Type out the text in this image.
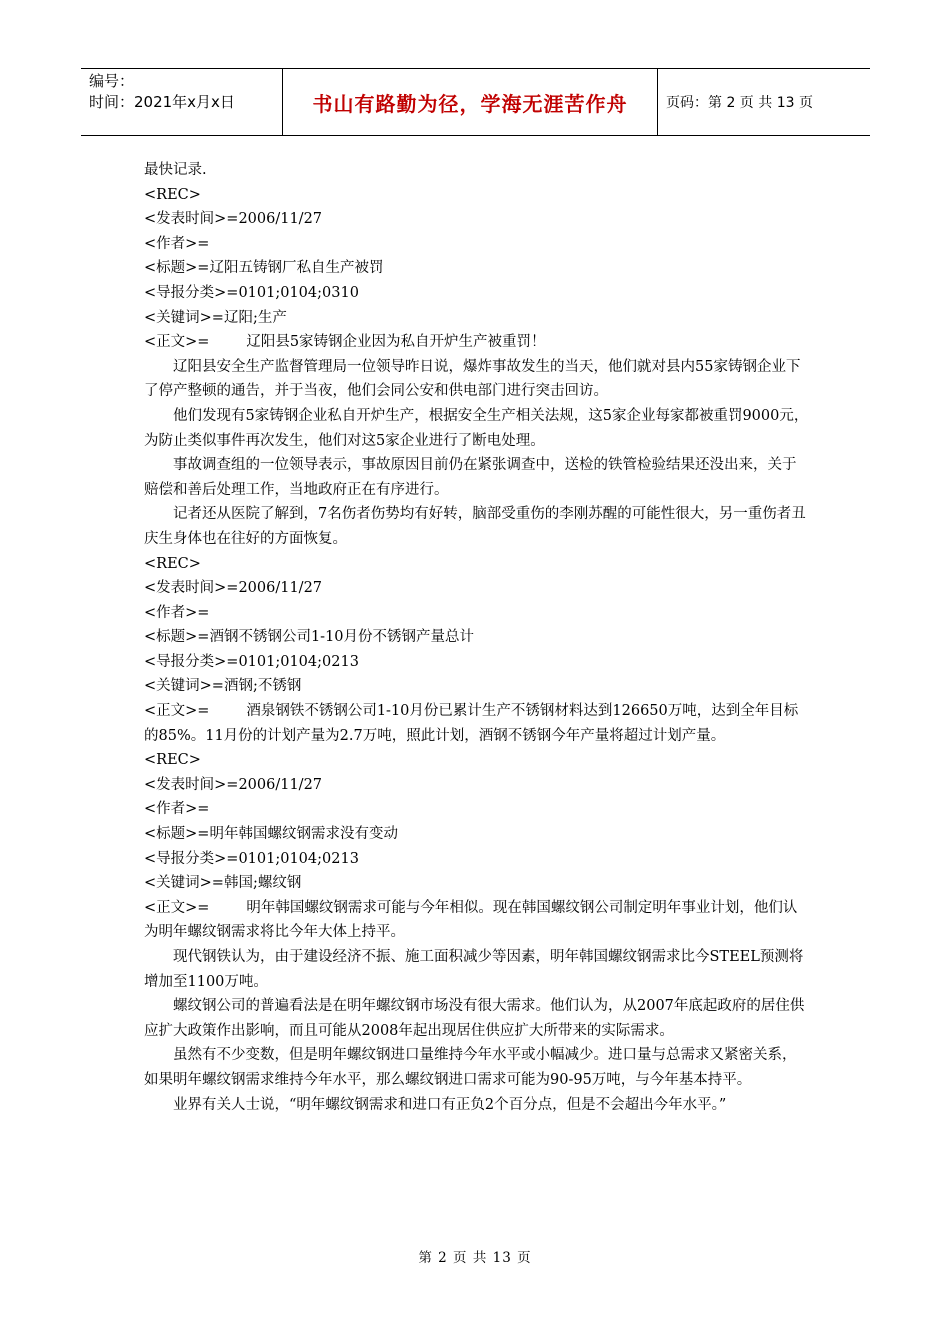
编号：
时间：2021年x月x日	书山有路勤为径，学海无涯苦作舟	页码：第 2 页 共 13 页

最快记录.

<REC>

<发表时间>=2006/11/27

<作者>=

<标题>=辽阳五铸钢厂私自生产被罚

<导报分类>=0101;0104;0310

<关键词>=辽阳;生产

<正文>=        辽阳县5家铸钢企业因为私自开炉生产被重罚！

辽阳县安全生产监督管理局一位领导昨日说，爆炸事故发生的当天，他们就对县内55家铸钢企业下了停产整顿的通告，并于当夜，他们会同公安和供电部门进行突击回访。

他们发现有5家铸钢企业私自开炉生产，根据安全生产相关法规，这5家企业每家都被重罚9000元，为防止类似事件再次发生，他们对这5家企业进行了断电处理。

事故调查组的一位领导表示，事故原因目前仍在紧张调查中，送检的铁管检验结果还没出来，关于赔偿和善后处理工作，当地政府正在有序进行。

记者还从医院了解到，7名伤者伤势均有好转，脑部受重伤的李刚苏醒的可能性很大，另一重伤者丑庆生身体也在往好的方面恢复。

<REC>

<发表时间>=2006/11/27

<作者>=

<标题>=酒钢不锈钢公司1-10月份不锈钢产量总计

<导报分类>=0101;0104;0213

<关键词>=酒钢;不锈钢

<正文>=        酒泉钢铁不锈钢公司1-10月份已累计生产不锈钢材料达到126650万吨，达到全年目标的85%。11月份的计划产量为2.7万吨，照此计划，酒钢不锈钢今年产量将超过计划产量。

<REC>

<发表时间>=2006/11/27

<作者>=

<标题>=明年韩国螺纹钢需求没有变动

<导报分类>=0101;0104;0213

<关键词>=韩国;螺纹钢

<正文>=        明年韩国螺纹钢需求可能与今年相似。现在韩国螺纹钢公司制定明年事业计划，他们认为明年螺纹钢需求将比今年大体上持平。

现代钢铁认为，由于建设经济不振、施工面积减少等因素，明年韩国螺纹钢需求比今STEEL预测将增加至1100万吨。

螺纹钢公司的普遍看法是在明年螺纹钢市场没有很大需求。他们认为，从2007年底起政府的居住供应扩大政策作出影响，而且可能从2008年起出现居住供应扩大所带来的实际需求。

虽然有不少变数，但是明年螺纹钢进口量维持今年水平或小幅减少。进口量与总需求又紧密关系，如果明年螺纹钢需求维持今年水平，那么螺纹钢进口需求可能为90-95万吨，与今年基本持平。

业界有关人士说，“明年螺纹钢需求和进口有正负2个百分点，但是不会超出今年水平。”

第 2 页 共 13 页
